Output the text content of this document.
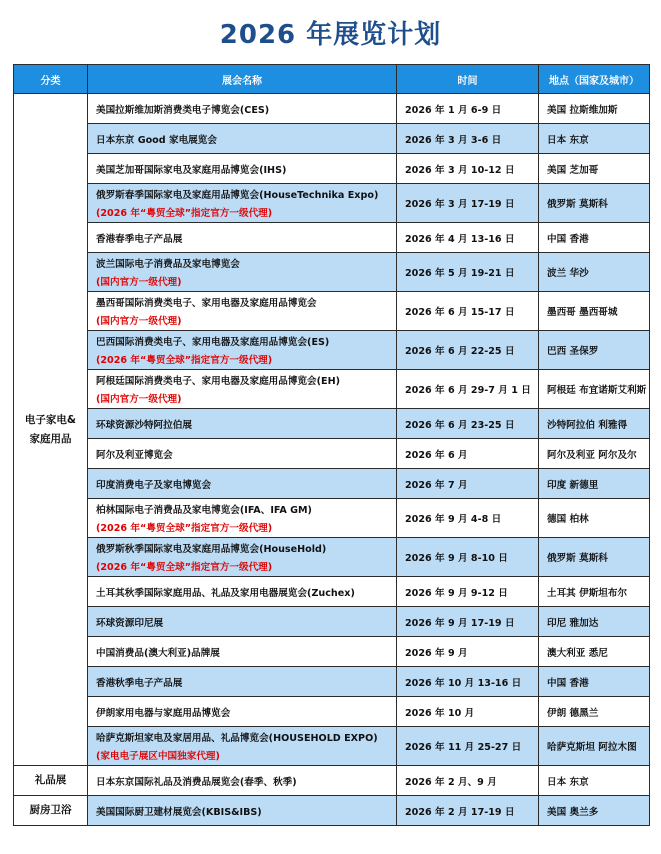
2026 年展览计划
分类	展会名称	时间	地点（国家及城市）

电子家电&
家庭用品	美国拉斯维加斯消费类电子博览会(CES)	2026 年 1 月 6-9 日	美国 拉斯维加斯

	日本东京 Good 家电展览会	2026 年 3 月 3-6 日	日本 东京

	美国芝加哥国际家电及家庭用品博览会(IHS)	2026 年 3 月 10-12 日	美国 芝加哥

	俄罗斯春季国际家电及家庭用品博览会(HouseTechnika Expo)
(2026 年“粤贸全球”指定官方一级代理)	2026 年 3 月 17-19 日	俄罗斯 莫斯科

	香港春季电子产品展	2026 年 4 月 13-16 日	中国 香港

	波兰国际电子消费品及家电博览会
(国内官方一级代理)	2026 年 5 月 19-21 日	波兰 华沙

	墨西哥国际消费类电子、家用电器及家庭用品博览会
(国内官方一级代理)	2026 年 6 月 15-17 日	墨西哥 墨西哥城

	巴西国际消费类电子、家用电器及家庭用品博览会(ES)
(2026 年“粤贸全球”指定官方一级代理)	2026 年 6 月 22-25 日	巴西 圣保罗

	阿根廷国际消费类电子、家用电器及家庭用品博览会(EH)
(国内官方一级代理)	2026 年 6 月 29-7 月 1 日	阿根廷 布宜诺斯艾利斯

	环球资源沙特阿拉伯展	2026 年 6 月 23-25 日	沙特阿拉伯 利雅得

	阿尔及利亚博览会	2026 年 6 月	阿尔及利亚 阿尔及尔

	印度消费电子及家电博览会	2026 年 7 月	印度 新德里

	柏林国际电子消费品及家电博览会(IFA、IFA GM)
(2026 年“粤贸全球”指定官方一级代理)	2026 年 9 月 4-8 日	德国 柏林

	俄罗斯秋季国际家电及家庭用品博览会(HouseHold)
(2026 年“粤贸全球”指定官方一级代理)	2026 年 9 月 8-10 日	俄罗斯 莫斯科

	土耳其秋季国际家庭用品、礼品及家用电器展览会(Zuchex)	2026 年 9 月 9-12 日	土耳其 伊斯坦布尔

	环球资源印尼展	2026 年 9 月 17-19 日	印尼 雅加达

	中国消费品(澳大利亚)品牌展	2026 年 9 月	澳大利亚 悉尼

	香港秋季电子产品展	2026 年 10 月 13-16 日	中国 香港

	伊朗家用电器与家庭用品博览会	2026 年 10 月	伊朗 德黑兰

	哈萨克斯坦家电及家居用品、礼品博览会(HOUSEHOLD EXPO)
(家电电子展区中国独家代理)	2026 年 11 月 25-27 日	哈萨克斯坦 阿拉木图

礼品展	日本东京国际礼品及消费品展览会(春季、秋季)	2026 年 2 月、9 月	日本 东京

厨房卫浴	美国国际厨卫建材展览会(KBIS&IBS)	2026 年 2 月 17-19 日	美国 奥兰多
